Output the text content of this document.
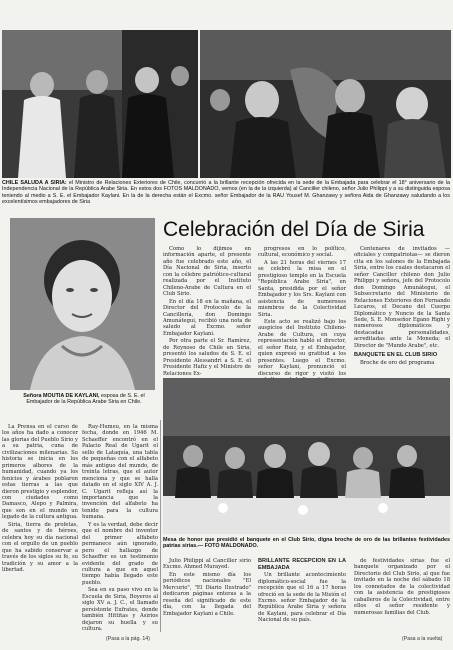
CHILE SALUDA A SIRIA: el Ministro de Relaciones Exteriores de Chile, concurrió a la brillante recepción ofrecida en la sede de la Embajada para celebrar el 18° aniversario de la Independencia Nacional de la República Arabe Siria. En estos dos FOTOS MALDONADO, vemos (en la de la izquierda) al Canciller chileno, señor Julio Philippi y a su distinguida esposa teniendo al medio a S. E. el Embajador Kaylani. En la de la derecha están el Excmo. señor Embajador de la RAU Yousef M. Ghanzawy y señora Aida de Ghanzawy saludando a los excelentísimos embajadores de Siria
Señora MOUTIA DE KAYLANI, esposa de S. E. el Embajador de la República Arabe Siria en Chile.
Celebración del Día de Siria

Como lo dijimos en información aparte, el presente año fue celebrado este año, el Día Nacional de Siria, inserto con la célebre patriótico-cultural realizada por el Instituto Chileno-Arabe de Cultura en el Club Sirio.

En el día 18 en la mañana, el Director del Protocolo de la Cancillería, don Domingo Amunátegui, recibió una nota de saludo al Excmo. señor Embajador Kaylani.

Por otra parte el Sr. Ramírez, de Reynoso de Chile en Siria, presentó los saludos de S. E. el Presidente Alessandri a S. E. el Presidente Hafiz y el Ministro de Relaciones Ex-

progresos en lo político, cultural, económico y social.

A las 21 horas del viernes 17 se celebró la misa en el prestigioso templo en la Escuela "República Arabe Siria", en Santa, presidida por el señor Embajador y los Srs. Kaylani con asistencia de numerosos miembros de la Colectividad Siria.

Este acto se realizó bajo los auspicios del Instituto Chileno-Arabe de Cultura, en cuya representación habló el director, el señor Ruiz, y el Embajador, quien expresó su gratitud a los presentes. Luego el Excmo. señor Kaylani, pronunció el discurso de rigor y visitó los

Centenares de invitados — oficiales y compatriotas— se dieron cita en los salones de la Embajada Siria, entre los cuales destacaron el señor Canciller chileno don Julio Philippi y señora, jefe del Protocolo don Domingo Amunátegui, el Subsecretario del Ministerio de Relaciones Exteriores don Fernando Lecaros, el Decano del Cuerpo Diplomático y Nuncio de la Santa Sede, S. E. Monseñor Egano Righi y numerosos diplomáticos y destacadas personalidades, acreditadas ante la Moneda; el Director de "Mundo Arabe", etc.

BANQUETE EN EL CLUB SIRIO

Broche de oro del programa

Mesa de honor que presidió el banquete en el Club Sirio, digna broche de oro de las brillantes festividades patrias sirias.— FOTO MALDONADO.

La Prensa en el curso de los años ha dado a conocer las glorias del Pueblo Sirio y a su patria, cuna de civilizaciones milenarias. Su historia se inicia en los primeros albores de la humanidad, cuando ya los fenicios y árabes poblaron estas tierras a las que dieron prestigio y esplendor, con ciudades como Damasco, Alepo y Palmira, que son en el mundo un legado de la cultura antigua.

Siria, tierra de profetas, de santos y de héroes, celebra hoy su día nacional con el orgullo de un pueblo que ha sabido conservar a través de los siglos su fe, su tradición y su amor a la libertad.

Ray-Humeu, en la misma fecha, donde en 1946 M. Schaeffer encontró en el Palacio Real de Ugarit el sello de Lataquía, una tabla de pequeñas con el alfabeto más antiguo del mundo, de treinta letras, que el autor menciona y que se halla datado en el siglo XIV A. J. C. Ugarit refleja así la importancia que la invención del alfabeto ha tenido para la cultura humana.

Y es la verdad, debe decir que el nombre del inventor del primer alfabeto permanece aún ignorado, pero el hallazgo de Schaeffer es un testimonio evidente del grado de cultura a que en aquel tiempo había llegado este pueblo.

Sea en su paso vivo en la Escuela de Siria, Boyeros al siglo XV a. J. C., el llamado persistente Eufrates, donde también Hittitas y Asirios dejaron su huella y su cultura.

Julio Philippi al Canciller sirio Excmo. Ahmed Murayed.

En este mismo día los periódicos nacionales "El Mercurio", "El Diario Ilustrado" dedicaron páginas enteras a la reseña del significado de este día, con la llegada del Embajador Kaylani a Chile.

BRILLANTE RECEPCION EN LA EMBAJADA

Un brillante acontecimiento diplomático-social fue la recepción que el 16 a 17 horas ofreció en la sede de la Misión el Excmo. señor Embajador de la República Arabe Siria y señora de Kaylani, para celebrar el Día Nacional de su país.

de festividades sirias fue el banquete organizado por el Directorio del Club Sirio, al que fue invitado en la noche del sábado 18 los connotados de la colectividad con la asistencia de prestigiosos caballeros de la Colectividad, entre ellos el señor residente y numerosas familias del Club.

(Pasa a la pág. 14)	(Pasa a la vuelta)
